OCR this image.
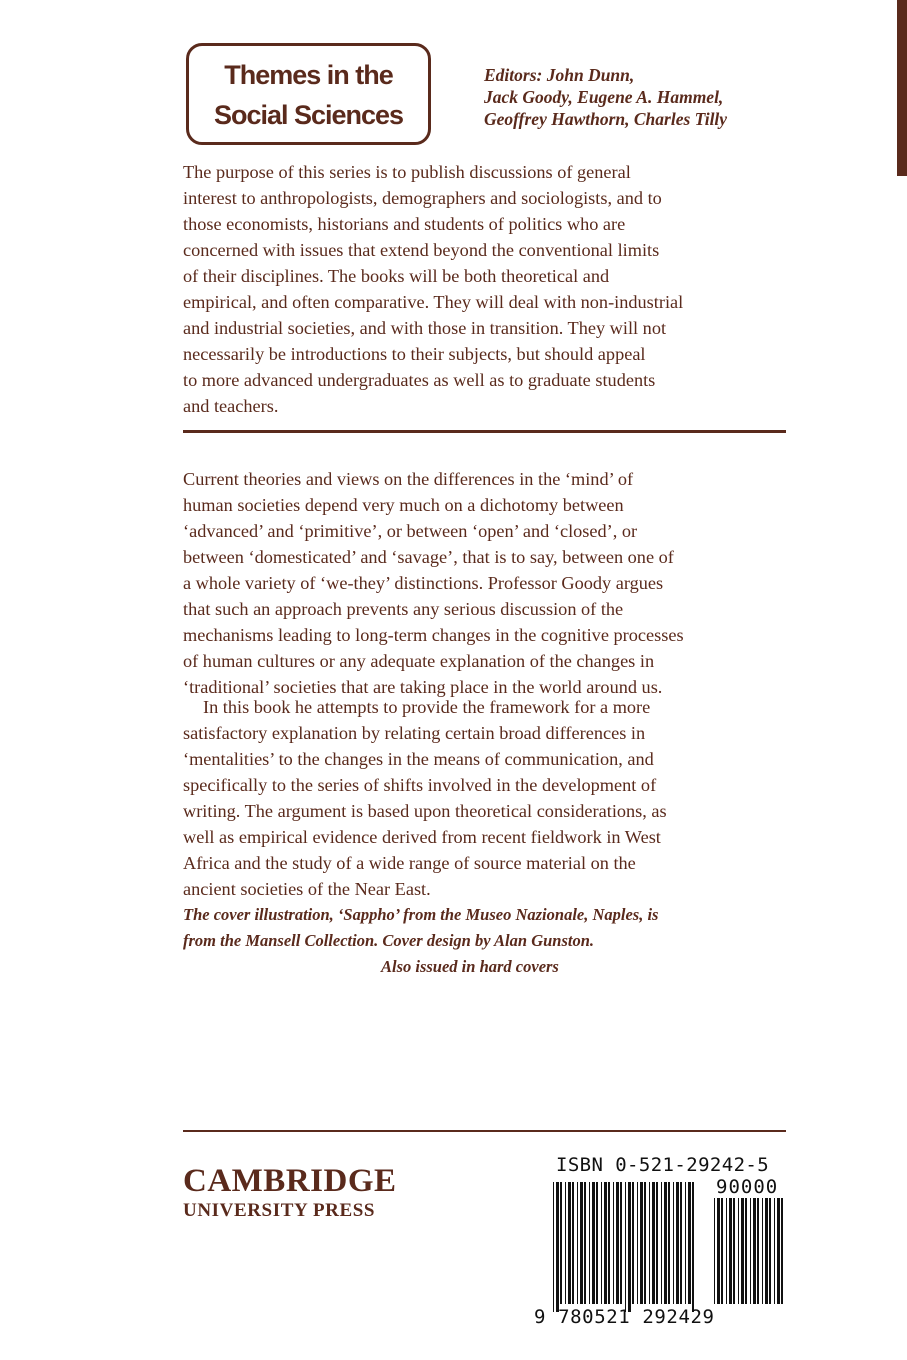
Themes in the
Social Sciences
Editors: John Dunn,
Jack Goody, Eugene A. Hammel,
Geoffrey Hawthorn, Charles Tilly
The purpose of this series is to publish discussions of general
interest to anthropologists, demographers and sociologists, and to
those economists, historians and students of politics who are
concerned with issues that extend beyond the conventional limits
of their disciplines. The books will be both theoretical and
empirical, and often comparative. They will deal with non-industrial
and industrial societies, and with those in transition. They will not
necessarily be introductions to their subjects, but should appeal
to more advanced undergraduates as well as to graduate students
and teachers.
Current theories and views on the differences in the ‘mind’ of
human societies depend very much on a dichotomy between
‘advanced’ and ‘primitive’, or between ‘open’ and ‘closed’, or
between ‘domesticated’ and ‘savage’, that is to say, between one of
a whole variety of ‘we-they’ distinctions. Professor Goody argues
that such an approach prevents any serious discussion of the
mechanisms leading to long-term changes in the cognitive processes
of human cultures or any adequate explanation of the changes in
‘traditional’ societies that are taking place in the world around us.
In this book he attempts to provide the framework for a more
satisfactory explanation by relating certain broad differences in
‘mentalities’ to the changes in the means of communication, and
specifically to the series of shifts involved in the development of
writing. The argument is based upon theoretical considerations, as
well as empirical evidence derived from recent fieldwork in West
Africa and the study of a wide range of source material on the
ancient societies of the Near East.
The cover illustration, ‘Sappho’ from the Museo Nazionale, Naples, is
from the Mansell Collection. Cover design by Alan Gunston.
Also issued in hard covers
CAMBRIDGE
UNIVERSITY PRESS
ISBN 0-521-29242-5
90000
9 780521 292429
